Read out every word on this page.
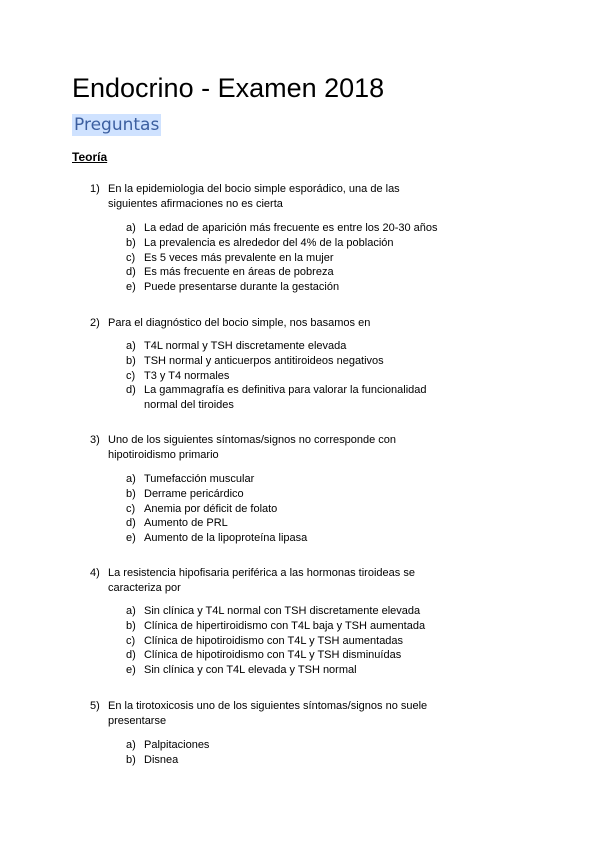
Endocrino - Examen 2018
Preguntas
Teoría
1) En la epidemiologia del bocio simple esporádico, una de las siguientes afirmaciones no es cierta
a) La edad de aparición más frecuente es entre los 20-30 años
b) La prevalencia es alrededor del 4% de la población
c) Es 5 veces más prevalente en la mujer
d) Es más frecuente en áreas de pobreza
e) Puede presentarse durante la gestación
2) Para el diagnóstico del bocio simple, nos basamos en
a) T4L normal y TSH discretamente elevada
b) TSH normal y anticuerpos antitiroideos negativos
c) T3 y T4 normales
d) La gammagrafía es definitiva para valorar la funcionalidad normal del tiroides
3) Uno de los siguientes síntomas/signos no corresponde con hipotiroidismo primario
a) Tumefacción muscular
b) Derrame pericárdico
c) Anemia por déficit de folato
d) Aumento de PRL
e) Aumento de la lipoproteína lipasa
4) La resistencia hipofisaria periférica a las hormonas tiroideas se caracteriza por
a) Sin clínica y T4L normal con TSH discretamente elevada
b) Clínica de hipertiroidismo con T4L baja y TSH aumentada
c) Clínica de hipotiroidismo con T4L y TSH aumentadas
d) Clínica de hipotiroidismo con T4L y TSH disminuídas
e) Sin clínica y con T4L elevada y TSH normal
5) En la tirotoxicosis uno de los siguientes síntomas/signos no suele presentarse
a) Palpitaciones
b) Disnea
